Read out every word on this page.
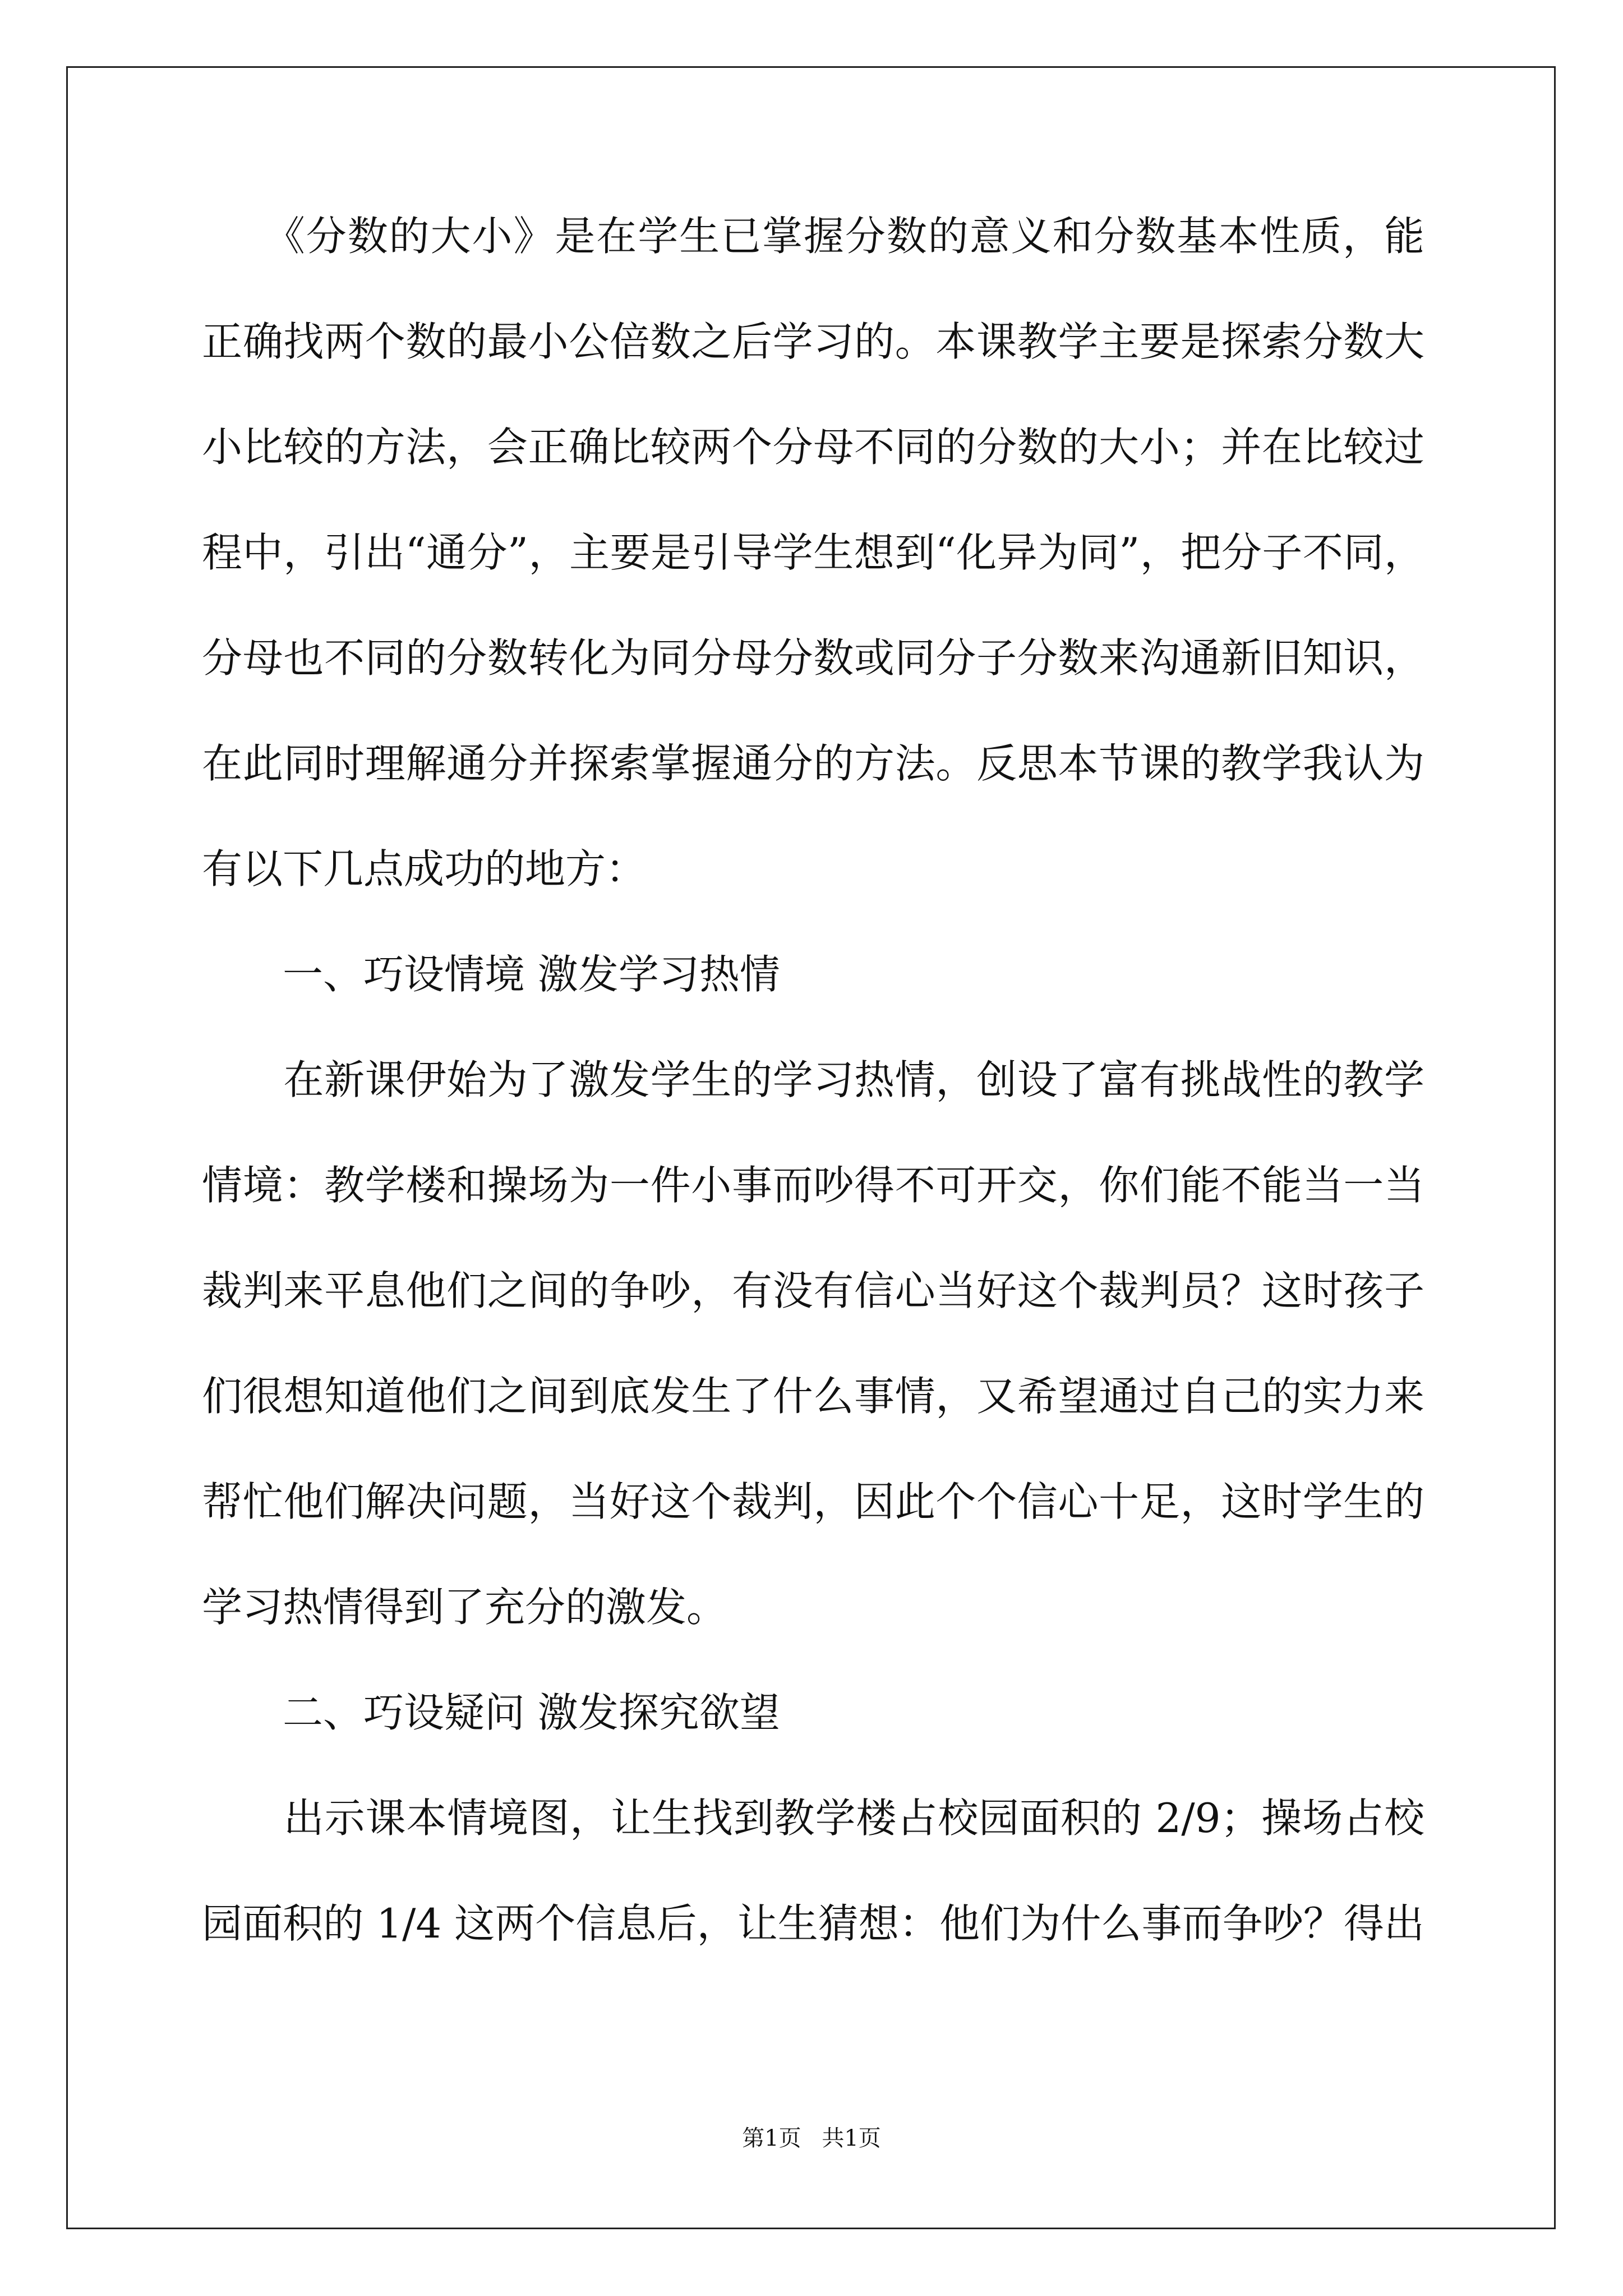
　　《分数的大小》是在学生已掌握分数的意义和分数基本性质，能
正确找两个数的最小公倍数之后学习的。本课教学主要是探索分数大
小比较的方法，会正确比较两个分母不同的分数的大小；并在比较过
程中，引出“通分”，主要是引导学生想到“化异为同”，把分子不同，
分母也不同的分数转化为同分母分数或同分子分数来沟通新旧知识，
在此同时理解通分并探索掌握通分的方法。反思本节课的教学我认为
有以下几点成功的地方：
　　一、巧设情境 激发学习热情
　　在新课伊始为了激发学生的学习热情，创设了富有挑战性的教学
情境：教学楼和操场为一件小事而吵得不可开交，你们能不能当一当
裁判来平息他们之间的争吵，有没有信心当好这个裁判员？这时孩子
们很想知道他们之间到底发生了什么事情，又希望通过自己的实力来
帮忙他们解决问题，当好这个裁判，因此个个信心十足，这时学生的
学习热情得到了充分的激发。
　　二、巧设疑问 激发探究欲望
　　出示课本情境图，让生找到教学楼占校园面积的 2/9；操场占校
园面积的 1/4 这两个信息后，让生猜想：他们为什么事而争吵？得出
第1页 共1页
